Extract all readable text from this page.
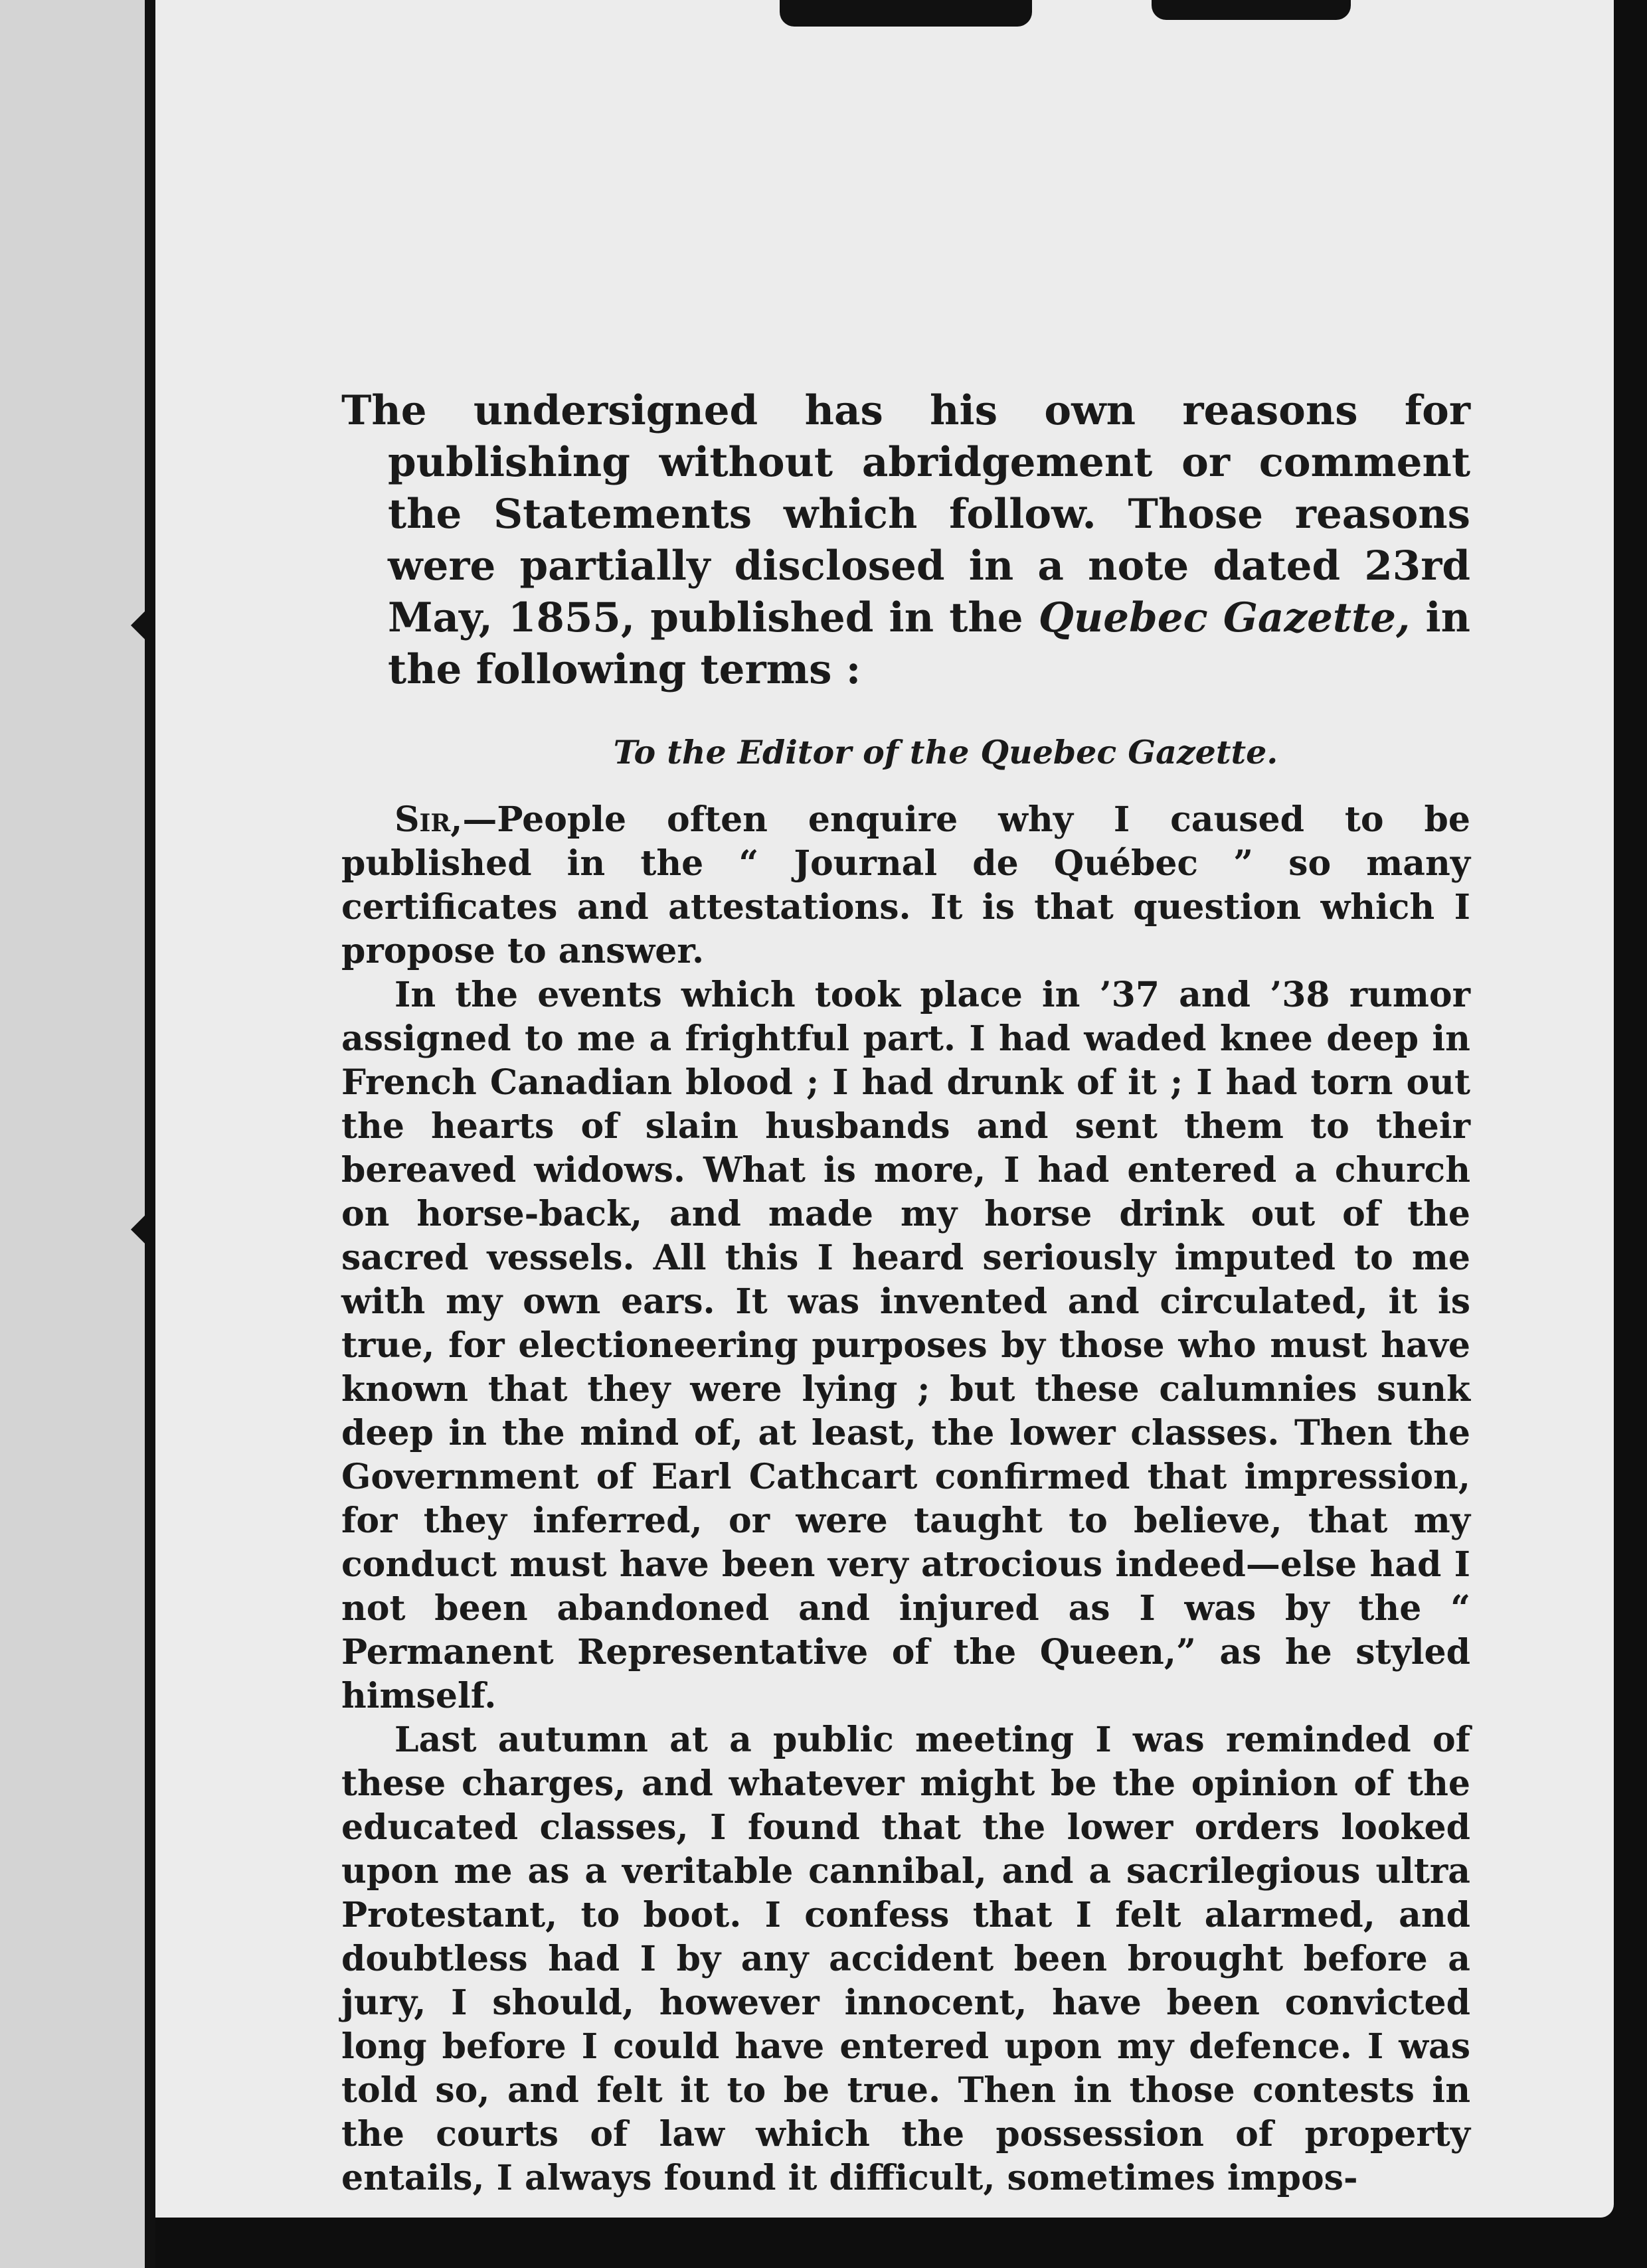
The undersigned has his own reasons for publishing without abridgement or comment the Statements which follow. Those reasons were partially disclosed in a note dated 23rd May, 1855, published in the Quebec Gazette, in the following terms :

To the Editor of the Quebec Gazette.

Sir,—People often enquire why I caused to be published in the “ Journal de Québec ” so many certificates and attestations. It is that question which I propose to answer.

In the events which took place in ’37 and ’38 rumor assigned to me a frightful part. I had waded knee deep in French Canadian blood ; I had drunk of it ; I had torn out the hearts of slain husbands and sent them to their bereaved widows. What is more, I had entered a church on horse-back, and made my horse drink out of the sacred vessels. All this I heard seriously imputed to me with my own ears. It was invented and circulated, it is true, for electioneering purposes by those who must have known that they were lying ; but these calumnies sunk deep in the mind of, at least, the lower classes. Then the Government of Earl Cathcart confirmed that impression, for they inferred, or were taught to believe, that my conduct must have been very atrocious indeed—else had I not been abandoned and injured as I was by the “ Permanent Representative of the Queen,” as he styled himself.

Last autumn at a public meeting I was reminded of these charges, and whatever might be the opinion of the educated classes, I found that the lower orders looked upon me as a veritable cannibal, and a sacrilegious ultra Protestant, to boot. I confess that I felt alarmed, and doubtless had I by any accident been brought before a jury, I should, however innocent, have been convicted long before I could have entered upon my defence. I was told so, and felt it to be true. Then in those contests in the courts of law which the possession of property entails, I always found it difficult, sometimes impos-
